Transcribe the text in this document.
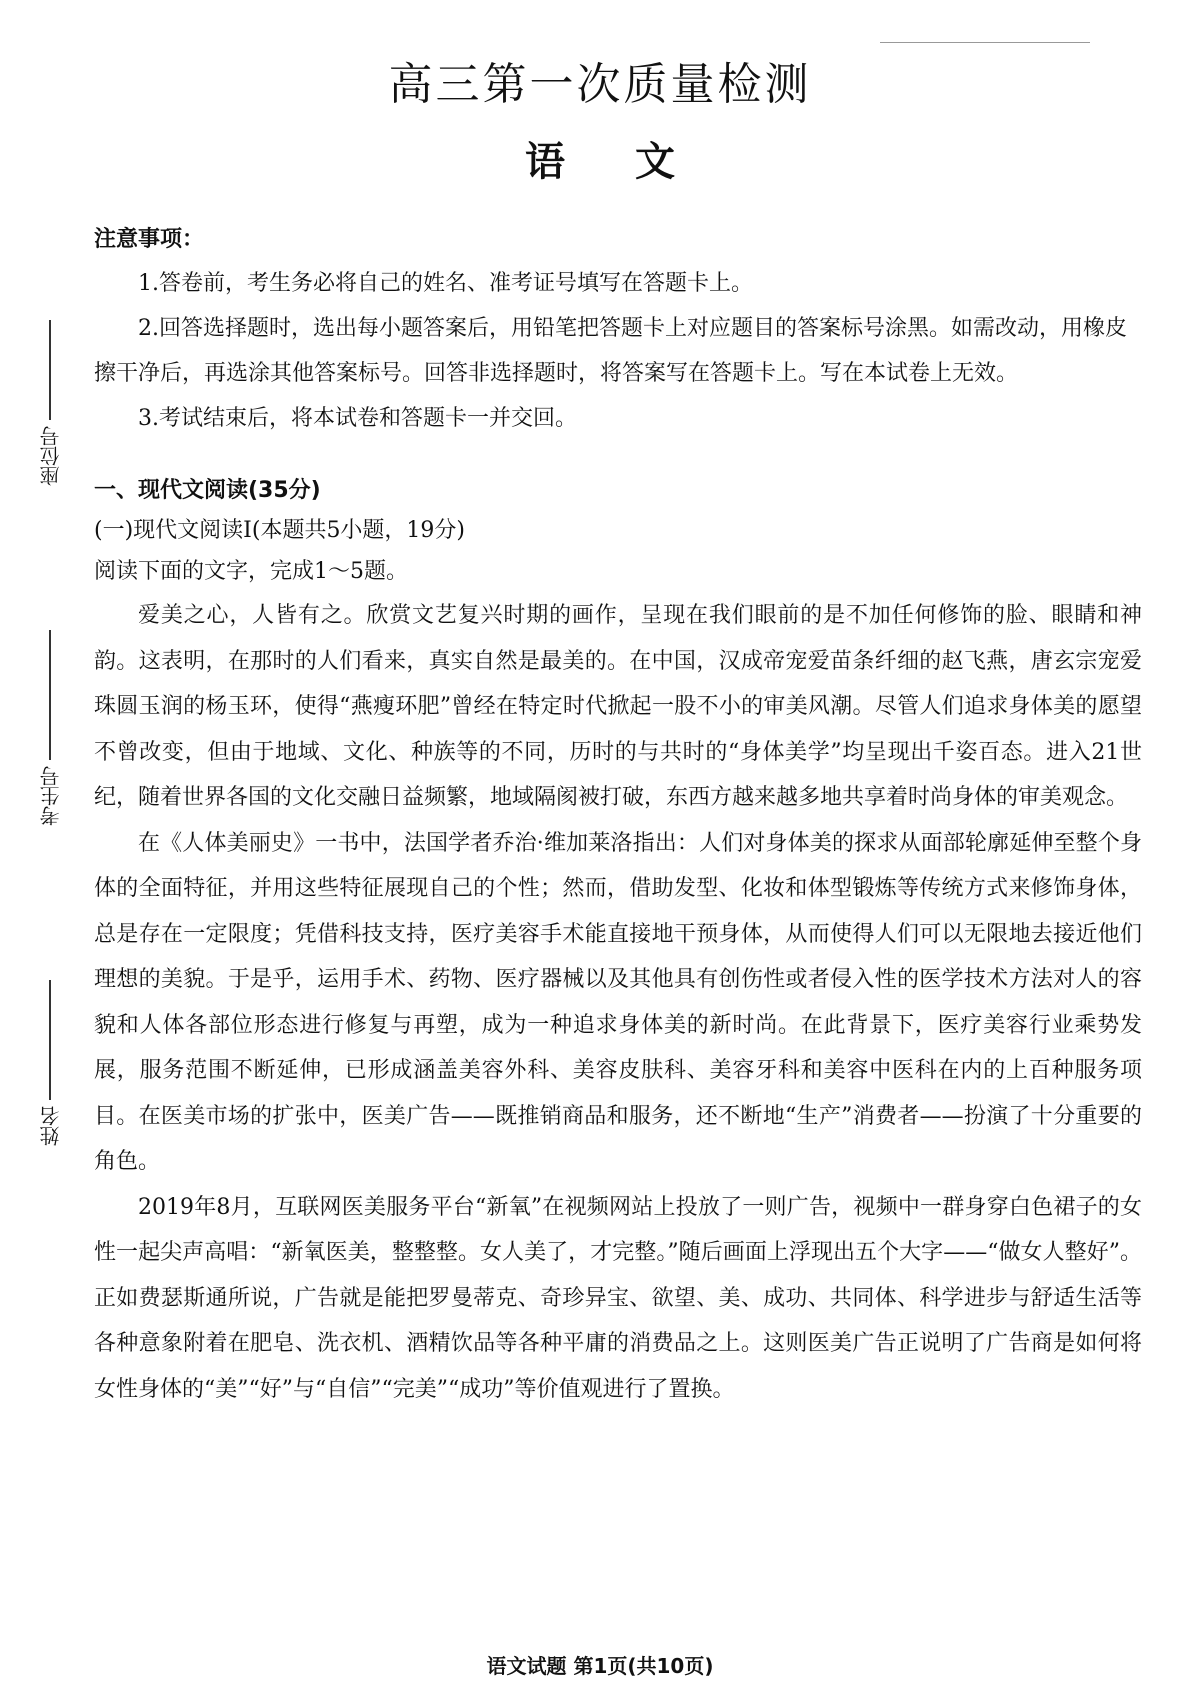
高三第一次质量检测
语文
座位号
考生号
姓名
注意事项：

1.答卷前，考生务必将自己的姓名、准考证号填写在答题卡上。

2.回答选择题时，选出每小题答案后，用铅笔把答题卡上对应题目的答案标号涂黑。如需改动，用橡皮擦干净后，再选涂其他答案标号。回答非选择题时，将答案写在答题卡上。写在本试卷上无效。

3.考试结束后，将本试卷和答题卡一并交回。

一、现代文阅读(35分)
(一)现代文阅读Ⅰ(本题共5小题，19分)
阅读下面的文字，完成1～5题。

爱美之心，人皆有之。欣赏文艺复兴时期的画作，呈现在我们眼前的是不加任何修饰的脸、眼睛和神韵。这表明，在那时的人们看来，真实自然是最美的。在中国，汉成帝宠爱苗条纤细的赵飞燕，唐玄宗宠爱珠圆玉润的杨玉环，使得“燕瘦环肥”曾经在特定时代掀起一股不小的审美风潮。尽管人们追求身体美的愿望不曾改变，但由于地域、文化、种族等的不同，历时的与共时的“身体美学”均呈现出千姿百态。进入21世纪，随着世界各国的文化交融日益频繁，地域隔阂被打破，东西方越来越多地共享着时尚身体的审美观念。

在《人体美丽史》一书中，法国学者乔治·维加莱洛指出：人们对身体美的探求从面部轮廓延伸至整个身体的全面特征，并用这些特征展现自己的个性；然而，借助发型、化妆和体型锻炼等传统方式来修饰身体，总是存在一定限度；凭借科技支持，医疗美容手术能直接地干预身体，从而使得人们可以无限地去接近他们理想的美貌。于是乎，运用手术、药物、医疗器械以及其他具有创伤性或者侵入性的医学技术方法对人的容貌和人体各部位形态进行修复与再塑，成为一种追求身体美的新时尚。在此背景下，医疗美容行业乘势发展，服务范围不断延伸，已形成涵盖美容外科、美容皮肤科、美容牙科和美容中医科在内的上百种服务项目。在医美市场的扩张中，医美广告——既推销商品和服务，还不断地“生产”消费者——扮演了十分重要的角色。

2019年8月，互联网医美服务平台“新氧”在视频网站上投放了一则广告，视频中一群身穿白色裙子的女性一起尖声高唱：“新氧医美，整整整。女人美了，才完整。”随后画面上浮现出五个大字——“做女人整好”。正如费瑟斯通所说，广告就是能把罗曼蒂克、奇珍异宝、欲望、美、成功、共同体、科学进步与舒适生活等各种意象附着在肥皂、洗衣机、酒精饮品等各种平庸的消费品之上。这则医美广告正说明了广告商是如何将女性身体的“美”“好”与“自信”“完美”“成功”等价值观进行了置换。

语文试题 第1页(共10页)
